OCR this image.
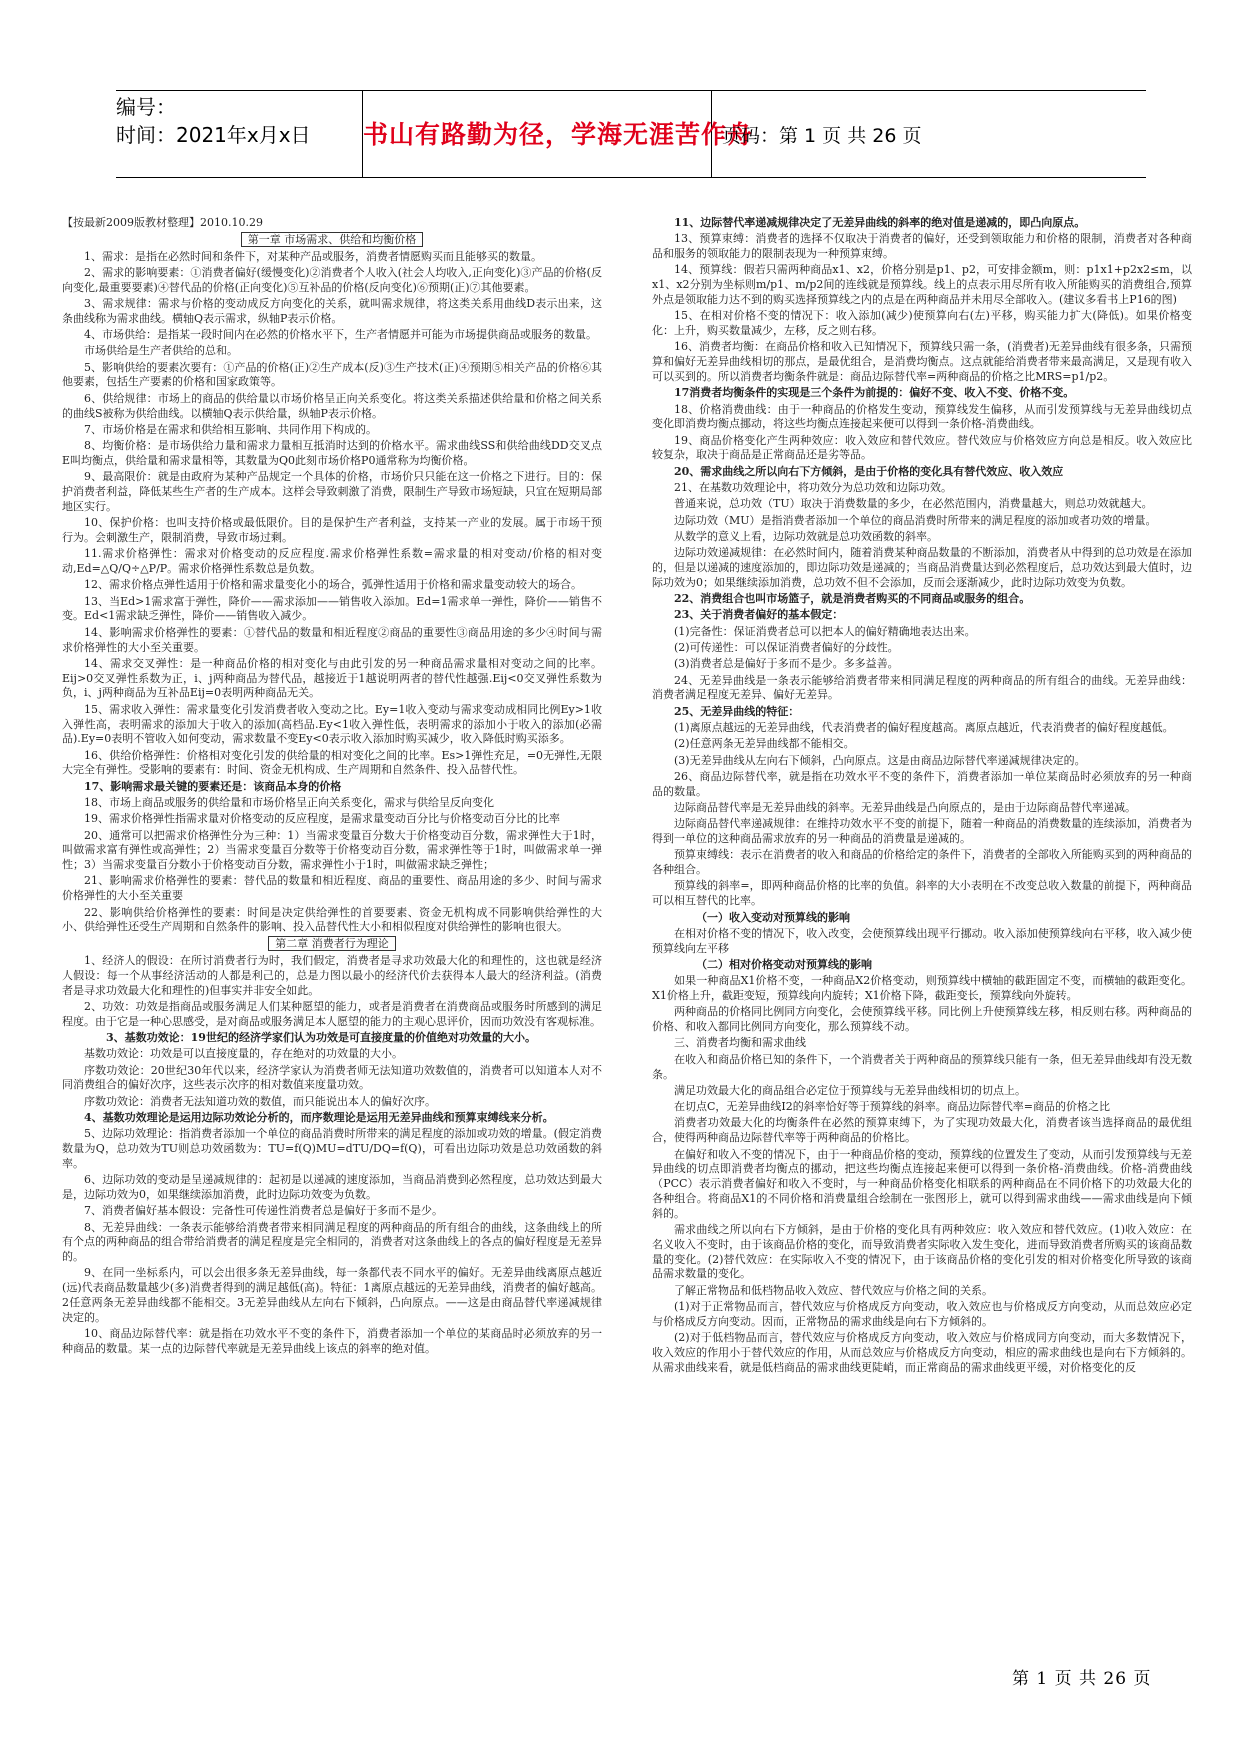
编号：
时间：2021年x月x日	书山有路勤为径，学海无涯苦作舟
页码：第 1 页 共 26 页

【按最新2009版教材整理】2010.10.29

第一章 市场需求、供给和均衡价格

1、需求：是指在必然时间和条件下，对某种产品或服务，消费者情愿购买而且能够买的数量。

2、需求的影响要素：①消费者偏好(缓慢变化)②消费者个人收入(社会人均收入,正向变化)③产品的价格(反向变化,最重要要素)④替代品的价格(正向变化)⑤互补品的价格(反向变化)⑥预期(正)⑦其他要素。

3、需求规律：需求与价格的变动成反方向变化的关系，就叫需求规律，将这类关系用曲线D表示出来，这条曲线称为需求曲线。横轴Q表示需求，纵轴P表示价格。

4、市场供给：是指某一段时间内在必然的价格水平下，生产者情愿并可能为市场提供商品或服务的数量。

市场供给是生产者供给的总和。

5、影响供给的要素次要有：①产品的价格(正)②生产成本(反)③生产技术(正)④预期⑤相关产品的价格⑥其他要素，包括生产要素的价格和国家政策等。

6、供给规律：市场上的商品的供给量以市场价格呈正向关系变化。将这类关系描述供给量和价格之间关系的曲线S被称为供给曲线。以横轴Q表示供给量，纵轴P表示价格。

7、市场价格是在需求和供给相互影响、共同作用下构成的。

8、均衡价格：是市场供给力量和需求力量相互抵消时达到的价格水平。需求曲线SS和供给曲线DD交叉点E叫均衡点，供给量和需求量相等，其数量为Q0此刻市场价格P0通常称为均衡价格。

9、最高限价：就是由政府为某种产品规定一个具体的价格，市场价只只能在这一价格之下进行。目的：保护消费者利益，降低某些生产者的生产成本。这样会导致刺激了消费，限制生产导致市场短缺，只宜在短期局部地区实行。

10、保护价格：也叫支持价格或最低限价。目的是保护生产者利益，支持某一产业的发展。属于市场干预行为。会刺激生产，限制消费，导致市场过剩。

11.需求价格弹性：需求对价格变动的反应程度.需求价格弹性系数=需求量的相对变动/价格的相对变动,Ed=△Q/Q÷△P/P。需求价格弹性系数总是负数。

12、需求价格点弹性适用于价格和需求量变化小的场合，弧弹性适用于价格和需求量变动较大的场合。

13、当Ed>1需求富于弹性，降价——需求添加——销售收入添加。Ed=1需求单一弹性，降价——销售不变。Ed<1需求缺乏弹性，降价——销售收入减少。

14、影响需求价格弹性的要素：①替代品的数量和相近程度②商品的重要性③商品用途的多少④时间与需求价格弹性的大小至关重要。

14、需求交叉弹性：是一种商品价格的相对变化与由此引发的另一种商品需求量相对变动之间的比率。Eij>0交叉弹性系数为正，i、j两种商品为替代品，越接近于1越说明两者的替代性越强.Eij<0交叉弹性系数为负，i、j两种商品为互补品Eij=0表明两种商品无关。

15、需求收入弹性：需求量变化引发消费者收入变动之比。Ey=1收入变动与需求变动成相同比例Ey>1收入弹性高，表明需求的添加大于收入的添加(高档品.Ey<1收入弹性低，表明需求的添加小于收入的添加(必需品).Ey=0表明不管收入如何变动，需求数量不变Ey<0表示收入添加时购买减少，收入降低时购买添多。

16、供给价格弹性：价格相对变化引发的供给量的相对变化之间的比率。Es>1弹性充足，=0无弹性,无限大完全有弹性。受影响的要素有：时间、资金无机构成、生产周期和自然条件、投入品替代性。

17、影响需求最关键的要素还是：该商品本身的价格

18、市场上商品或服务的供给量和市场价格呈正向关系变化，需求与供给呈反向变化

19、需求价格弹性指需求量对价格变动的反应程度，是需求量变动百分比与价格变动百分比的比率

20、通常可以把需求价格弹性分为三种：1）当需求变量百分数大于价格变动百分数，需求弹性大于1时，叫做需求富有弹性或高弹性；2）当需求变量百分数等于价格变动百分数，需求弹性等于1时，叫做需求单一弹性；3）当需求变量百分数小于价格变动百分数，需求弹性小于1时，叫做需求缺乏弹性；

21、影响需求价格弹性的要素：替代品的数量和相近程度、商品的重要性、商品用途的多少、时间与需求价格弹性的大小至关重要

22、影响供给价格弹性的要素：时间是决定供给弹性的首要要素、资金无机构成不同影响供给弹性的大小、供给弹性还受生产周期和自然条件的影响、投入品替代性大小和相似程度对供给弹性的影响也很大。

第二章 消费者行为理论

1、经济人的假设：在所讨消费者行为时，我们假定，消费者是寻求功效最大化的和理性的，这也就是经济人假设：每一个从事经济活动的人都是利己的，总是力图以最小的经济代价去获得本人最大的经济利益。(消费者是寻求功效最大化和理性的)但事实并非安全如此。

2、功效：功效是指商品或服务满足人们某种愿望的能力，或者是消费者在消费商品或服务时所感到的满足程度。由于它是一种心思感受，是对商品或服务满足本人愿望的能力的主观心思评价，因而功效没有客观标准。

3、基数功效论：19世纪的经济学家们认为功效是可直接度量的价值绝对功效量的大小。

基数功效论：功效是可以直接度量的，存在绝对的功效量的大小。

序数功效论：20世纪30年代以来，经济学家认为消费者师无法知道功效数值的，消费者可以知道本人对不同消费组合的偏好次序，这些表示次序的相对数值来度量功效。

序数功效论：消费者无法知道功效的数值，而只能说出本人的偏好次序。

4、基数功效理论是运用边际功效论分析的，而序数理论是运用无差异曲线和预算束缚线来分析。

5、边际功效理论：指消费者添加一个单位的商品消费时所带来的满足程度的添加或功效的增量。(假定消费数量为Q，总功效为TU则总功效函数为：TU=f(Q)MU=dTU/DQ=f(Q)，可看出边际功效是总功效函数的斜率。

6、边际功效的变动是呈递减规律的：起初是以递减的速度添加，当商品消费到必然程度，总功效达到最大是，边际功效为0，如果继续添加消费，此时边际功效变为负数。

7、消费者偏好基本假设：完备性可传递性消费者总是偏好于多而不是少。

8、无差异曲线：一条表示能够给消费者带来相同满足程度的两种商品的所有组合的曲线，这条曲线上的所有个点的两种商品的组合带给消费者的满足程度是完全相同的，消费者对这条曲线上的各点的偏好程度是无差异的。

9、在同一坐标系内，可以会出很多条无差异曲线，每一条都代表不同水平的偏好。无差异曲线离原点越近(远)代表商品数量越少(多)消费者得到的满足越低(高)。特征：1离原点越远的无差异曲线，消费者的偏好越高。2任意两条无差异曲线都不能相交。3无差异曲线从左向右下倾斜，凸向原点。——这是由商品替代率递减规律决定的。

10、商品边际替代率：就是指在功效水平不变的条件下，消费者添加一个单位的某商品时必须放弃的另一种商品的数量。某一点的边际替代率就是无差异曲线上该点的斜率的绝对值。

11、边际替代率递减规律决定了无差异曲线的斜率的绝对值是递减的，即凸向原点。

13、预算束缚：消费者的选择不仅取决于消费者的偏好，还受到领取能力和价格的限制，消费者对各种商品和服务的领取能力的限制表现为一种预算束缚。

14、预算线：假若只需两种商品x1、x2，价格分别是p1、p2，可安排金额m，则：p1x1+p2x2≤m，以x1、x2分别为坐标则m/p1、m/p2间的连线就是预算线。线上的点表示用尽所有收入所能购买的消费组合,预算外点是领取能力达不到的购买选择预算线之内的点是在两种商品并未用尽全部收入。(建议多看书上P16的图)

15、在相对价格不变的情况下：收入添加(减少)使预算向右(左)平移，购买能力扩大(降低)。如果价格变化：上升，购买数量减少，左移，反之则右移。

16、消费者均衡：在商品价格和收入已知情况下，预算线只需一条，(消费者)无差异曲线有很多条，只需预算和偏好无差异曲线相切的那点，是最优组合，是消费均衡点。这点就能给消费者带来最高满足，又是现有收入可以买到的。所以消费者均衡条件就是：商品边际替代率=两种商品的价格之比MRS=p1/p2。

17消费者均衡条件的实现是三个条件为前提的：偏好不变、收入不变、价格不变。

18、价格消费曲线：由于一种商品的价格发生变动，预算线发生偏移，从而引发预算线与无差异曲线切点变化即消费均衡点挪动，将这些均衡点连接起来便可以得到一条价格-消费曲线。

19、商品价格变化产生两种效应：收入效应和替代效应。替代效应与价格效应方向总是相反。收入效应比较复杂，取决于商品是正常商品还是劣等品。

20、需求曲线之所以向右下方倾斜，是由于价格的变化具有替代效应、收入效应

21、在基数功效理论中，将功效分为总功效和边际功效。

普通来说，总功效（TU）取决于消费数量的多少，在必然范围内，消费量越大，则总功效就越大。

边际功效（MU）是指消费者添加一个单位的商品消费时所带来的满足程度的添加或者功效的增量。

从数学的意义上看，边际功效就是总功效函数的斜率。

边际功效递减规律：在必然时间内，随着消费某种商品数量的不断添加，消费者从中得到的总功效是在添加的，但是以递减的速度添加的，即边际功效是递减的；当商品消费量达到必然程度后，总功效达到最大值时，边际功效为0；如果继续添加消费，总功效不但不会添加，反而会逐渐减少，此时边际功效变为负数。

22、消费组合也叫市场篮子，就是消费者购买的不同商品或服务的组合。

23、关于消费者偏好的基本假定：

(1)完备性：保证消费者总可以把本人的偏好精确地表达出来。

(2)可传递性：可以保证消费者偏好的分歧性。

(3)消费者总是偏好于多而不是少。多多益善。

24、无差异曲线是一条表示能够给消费者带来相同满足程度的两种商品的所有组合的曲线。无差异曲线：消费者满足程度无差异、偏好无差异。

25、无差异曲线的特征：

(1)离原点越远的无差异曲线，代表消费者的偏好程度越高。离原点越近，代表消费者的偏好程度越低。

(2)任意两条无差异曲线都不能相交。

(3)无差异曲线从左向右下倾斜，凸向原点。这是由商品边际替代率递减规律决定的。

26、商品边际替代率，就是指在功效水平不变的条件下，消费者添加一单位某商品时必须放弃的另一种商品的数量。

边际商品替代率是无差异曲线的斜率。无差异曲线是凸向原点的，是由于边际商品替代率递减。

边际商品替代率递减规律：在维持功效水平不变的前提下，随着一种商品的消费数量的连续添加，消费者为得到一单位的这种商品需求放弃的另一种商品的消费量是递减的。

预算束缚线：表示在消费者的收入和商品的价格给定的条件下，消费者的全部收入所能购买到的两种商品的各种组合。

预算线的斜率=，即两种商品价格的比率的负值。斜率的大小表明在不改变总收入数量的前提下，两种商品可以相互替代的比率。

（一）收入变动对预算线的影响

在相对价格不变的情况下，收入改变，会使预算线出现平行挪动。收入添加使预算线向右平移，收入减少使预算线向左平移

（二）相对价格变动对预算线的影响

如果一种商品X1价格不变，一种商品X2价格变动，则预算线中横轴的截距固定不变，而横轴的截距变化。X1价格上升，截距变短，预算线向内旋转；X1价格下降，截距变长，预算线向外旋转。

两种商品的价格同比例同方向变化，会使预算线平移。同比例上升使预算线左移，相反则右移。两种商品的价格、和收入都同比例同方向变化，那么预算线不动。

三、消费者均衡和需求曲线

在收入和商品价格已知的条件下，一个消费者关于两种商品的预算线只能有一条，但无差异曲线却有没无数条。

满足功效最大化的商品组合必定位于预算线与无差异曲线相切的切点上。

在切点C，无差异曲线I2的斜率恰好等于预算线的斜率。商品边际替代率=商品的价格之比

消费者功效最大化的均衡条件在必然的预算束缚下，为了实现功效最大化，消费者该当选择商品的最优组合，使得两种商品边际替代率等于两种商品的价格比。

在偏好和收入不变的情况下，由于一种商品价格的变动，预算线的位置发生了变动，从而引发预算线与无差异曲线的切点即消费者均衡点的挪动，把这些均衡点连接起来便可以得到一条价格-消费曲线。价格-消费曲线（PCC）表示消费者偏好和收入不变时，与一种商品价格变化相联系的两种商品在不同价格下的功效最大化的各种组合。将商品X1的不同价格和消费量组合绘制在一张图形上，就可以得到需求曲线——需求曲线是向下倾斜的。

需求曲线之所以向右下方倾斜，是由于价格的变化具有两种效应：收入效应和替代效应。(1)收入效应：在名义收入不变时，由于该商品价格的变化，而导致消费者实际收入发生变化，进而导致消费者所购买的该商品数量的变化。(2)替代效应：在实际收入不变的情况下，由于该商品价格的变化引发的相对价格变化所导致的该商品需求数量的变化。

了解正常物品和低档物品收入效应、替代效应与价格之间的关系。

(1)对于正常物品而言，替代效应与价格成反方向变动，收入效应也与价格成反方向变动，从而总效应必定与价格成反方向变动。因而，正常物品的需求曲线是向右下方倾斜的。

(2)对于低档物品而言，替代效应与价格成反方向变动，收入效应与价格成同方向变动，而大多数情况下，收入效应的作用小于替代效应的作用，从而总效应与价格成反方向变动，相应的需求曲线也是向右下方倾斜的。从需求曲线来看，就是低档商品的需求曲线更陡峭，而正常商品的需求曲线更平缓，对价格变化的反

第 1 页 共 26 页
